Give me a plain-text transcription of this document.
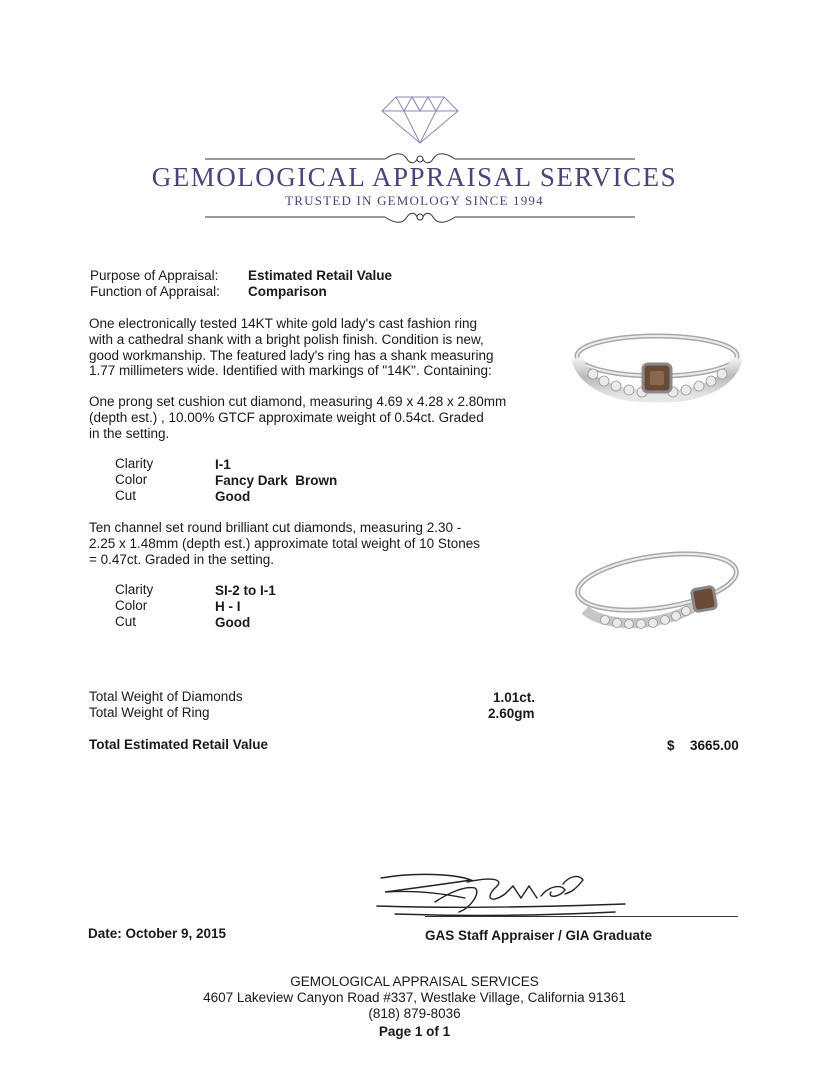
GEMOLOGICAL APPRAISAL SERVICES
TRUSTED IN GEMOLOGY SINCE 1994
Purpose of Appraisal: Estimated Retail Value
Function of Appraisal: Comparison
One electronically tested 14KT white gold lady's cast fashion ring
with a cathedral shank with a bright polish finish. Condition is new,
good workmanship. The featured lady's ring has a shank measuring
1.77 millimeters wide. Identified with markings of "14K". Containing:
One prong set cushion cut diamond, measuring 4.69 x 4.28 x 2.80mm
(depth est.) , 10.00% GTCF approximate weight of 0.54ct. Graded
in the setting.
Clarity	I-1
Color	Fancy Dark  Brown
Cut	Good
Ten channel set round brilliant cut diamonds, measuring 2.30 -
2.25 x 1.48mm (depth est.) approximate total weight of 10 Stones
= 0.47ct. Graded in the setting.
Clarity	SI-2 to I-1
Color	H - I
Cut	Good
Total Weight of Diamonds	1.01ct.
Total Weight of Ring	2.60gm
Total Estimated Retail Value	$ 3665.00
Date: October 9, 2015	GAS Staff Appraiser / GIA Graduate
GEMOLOGICAL APPRAISAL SERVICES
4607 Lakeview Canyon Road #337, Westlake Village, California 91361
(818) 879-8036
Page 1 of 1
